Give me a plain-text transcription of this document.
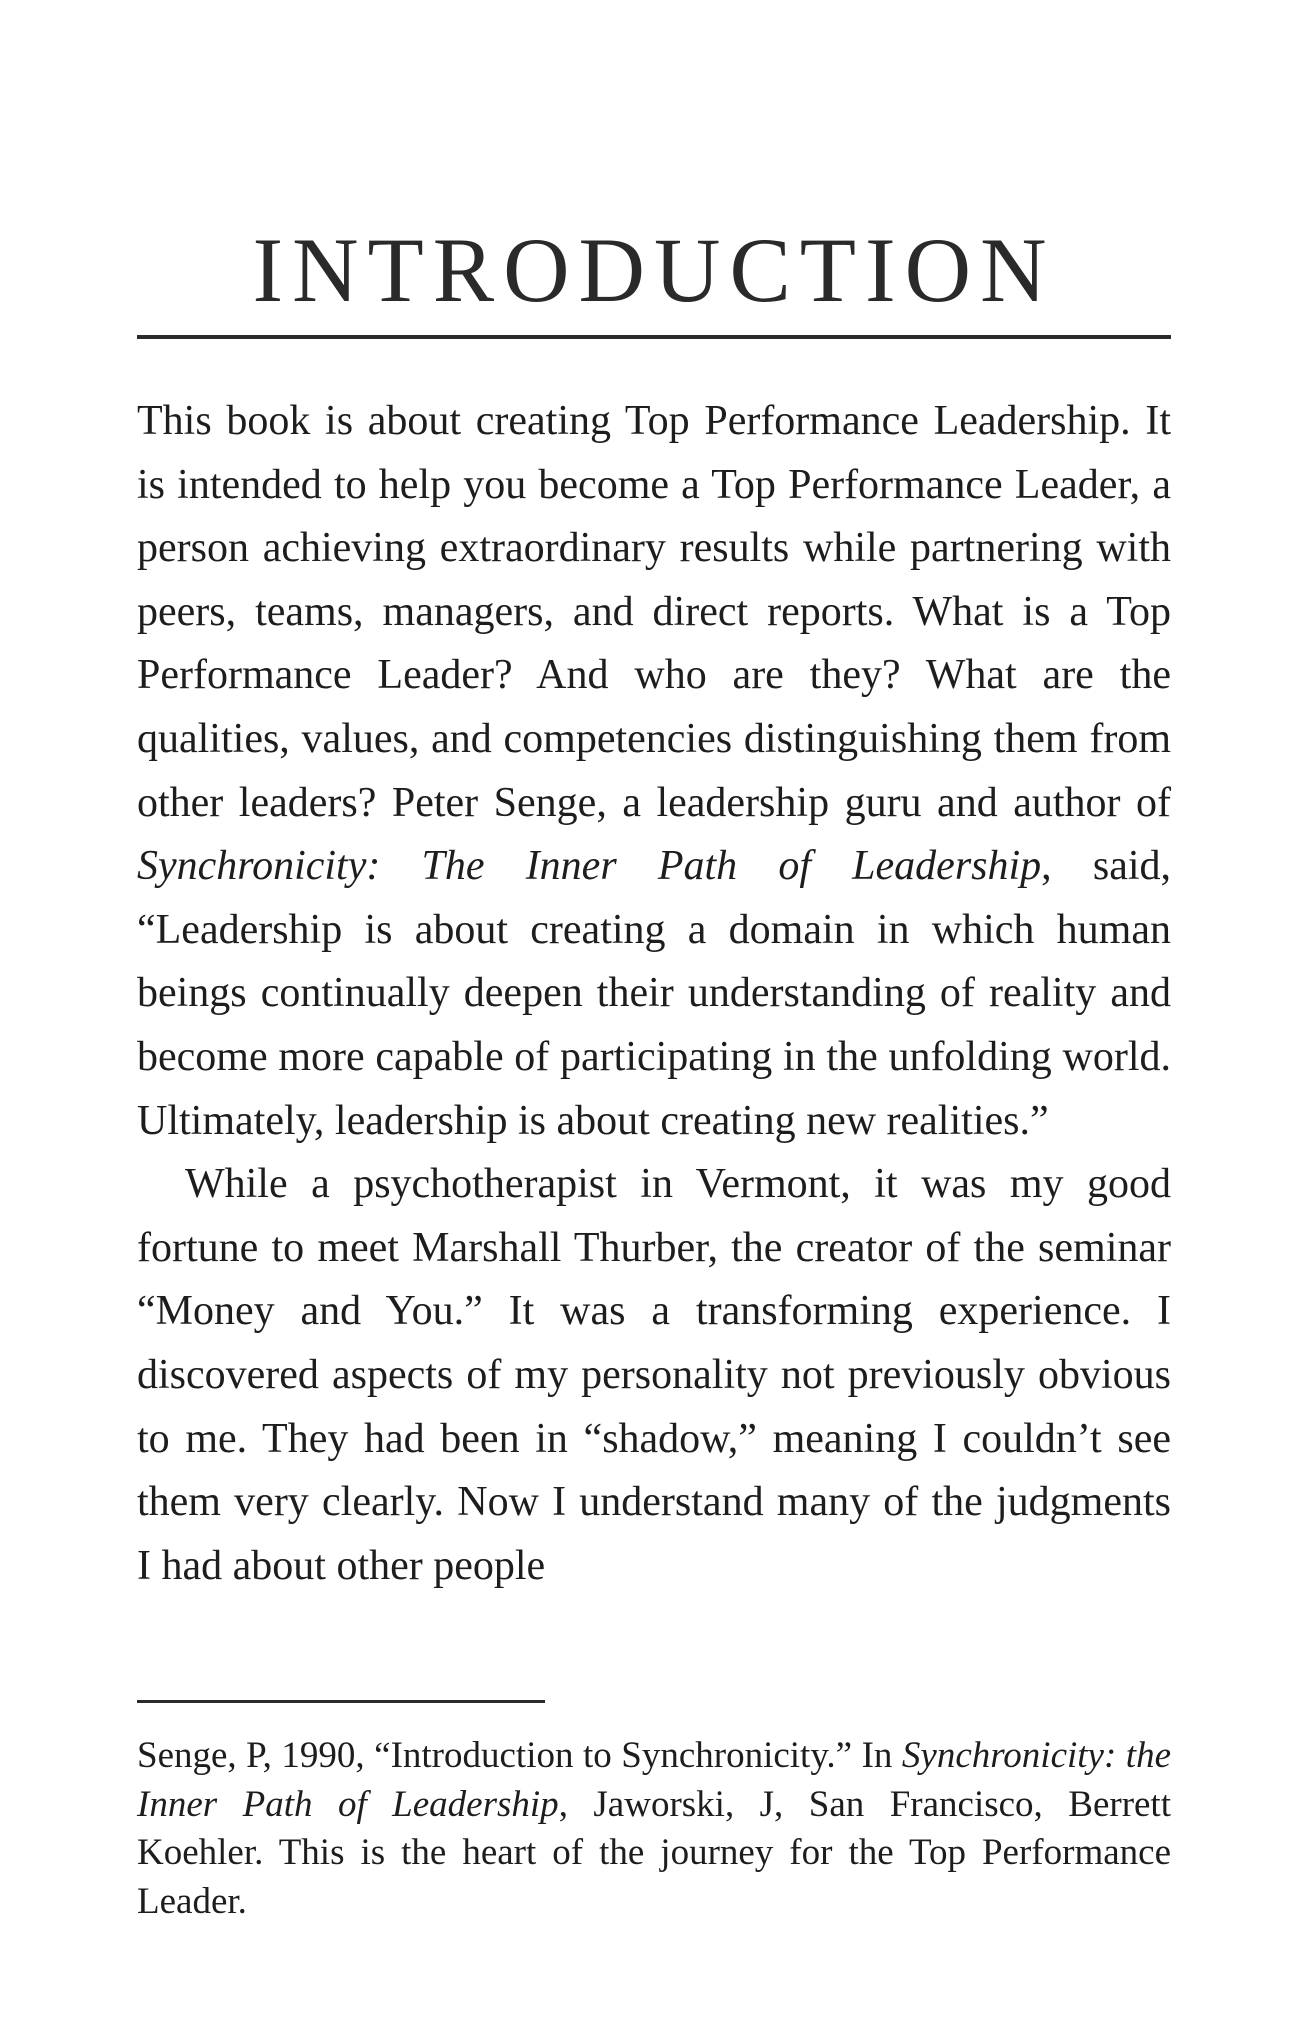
INTRODUCTION

This book is about creating Top Performance Leadership. It is intended to help you become a Top Performance Leader, a person achieving extraordinary results while partnering with peers, teams, managers, and direct reports. What is a Top Performance Leader? And who are they? What are the qualities, values, and competencies distinguishing them from other leaders? Peter Senge, a leadership guru and author of Synchronicity: The Inner Path of Leadership, said, “Leadership is about creating a domain in which human beings continually deepen their understanding of reality and become more capable of participating in the unfolding world. Ultimately, leadership is about creating new realities.”

While a psychotherapist in Vermont, it was my good fortune to meet Marshall Thurber, the creator of the seminar “Money and You.” It was a transforming experience. I discovered aspects of my personality not previously obvious to me. They had been in “shadow,” meaning I couldn’t see them very clearly. Now I understand many of the judgments I had about other people

Senge, P, 1990, “Introduction to Synchronicity.” In Synchronicity: the Inner Path of Leadership, Jaworski, J, San Francisco, Berrett Koehler. This is the heart of the journey for the Top Performance Leader.
